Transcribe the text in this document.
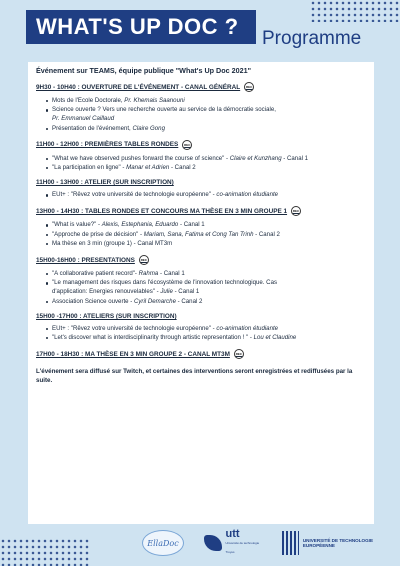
WHAT'S UP DOC ?	Programme
Événement sur TEAMS, équipe publique "What's Up Doc 2021"
9H30 - 10H40 : OUVERTURE DE L'ÉVÉNEMENT - CANAL GÉNÉRAL	REC
Mots de l'Ecole Doctorale, Pr. Khemais Saanouni
Science ouverte ? Vers une recherche ouverte au service de la démocratie sociale,
Pr. Emmanuel Caillaud
Présentation de l'événement, Claire Gong
11H00 - 12H00 : PREMIÈRES TABLES RONDES	REC
"What we have observed pushes forward the course of science" - Claire et Kunzhang - Canal 1
"La participation en ligne" - Manar et Adrien - Canal 2
11H00 - 13H00 : ATELIER (SUR INSCRIPTION)
EUt+ : "Rêvez votre université de technologie européenne" - co-animation étudiante
13H00 - 14H30 : TABLES RONDES ET CONCOURS MA THÈSE EN 3 MIN GROUPE 1	REC
"What is value?" - Alexis, Estephania, Eduardo - Canal 1
"Approche de prise de décision" - Mariam, Sana, Fatima et Cong Tan Trinh - Canal 2
Ma thèse en 3 min (groupe 1) - Canal MT3m
15H00-16H00 : PRESENTATIONS	REC
"A collaborative patient record"- Rahma - Canal 1
"Le management des risques dans l'écosystème de l'innovation technologique. Cas
d'application: Energies renouvelables" - Julie - Canal 1
Association Science ouverte - Cyril Demarche - Canal 2
15H00 -17H00 : ATELIERS (SUR INSCRIPTION)
EUt+ : "Rêvez votre université de technologie européenne" - co-animation étudiante
"Let's discover what is interdisciplinarity through artistic representation ! " - Lou et Claudine
17H00 - 18H30 : MA THÈSE EN 3 MIN GROUPE 2 - CANAL MT3M	REC
L'événement sera diffusé sur Twitch, et certaines des interventions seront enregistrées et rediffusées par la suite.
EllaDoc
utt
Université de technologie Troyes
UNIVERSITÉ DE TECHNOLOGIE EUROPÉENNE
